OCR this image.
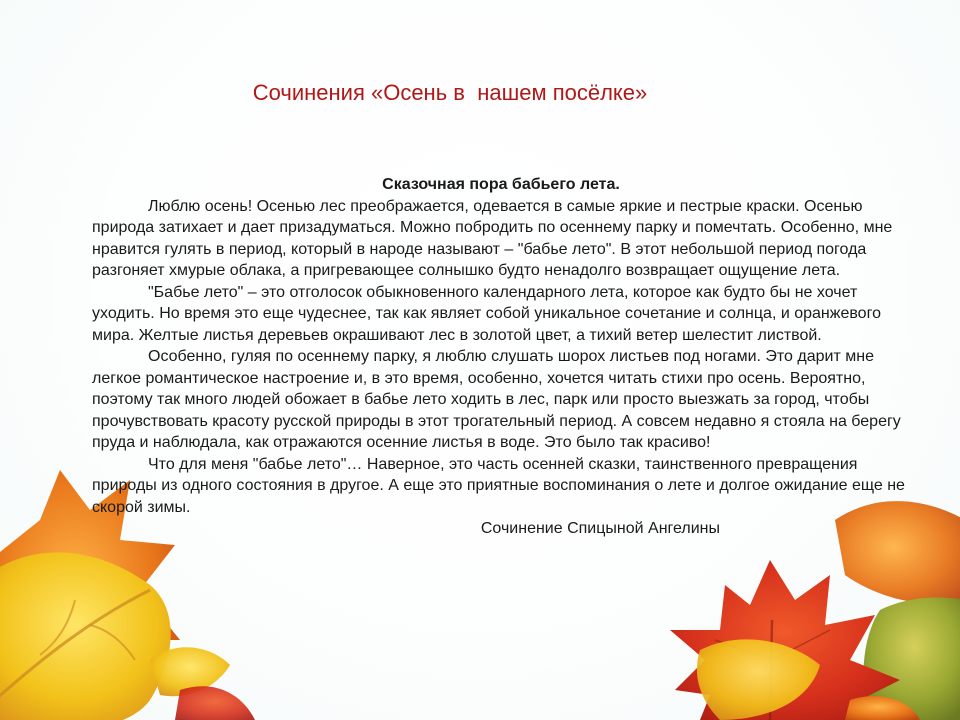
Сочинения «Осень в  нашем посёлке»
Сказочная пора бабьего лета.

Люблю осень! Осенью лес преображается, одевается в самые яркие и пестрые краски. Осенью природа затихает и дает призадуматься. Можно побродить по осеннему парку и помечтать. Особенно, мне нравится гулять в период, который в народе называют – "бабье лето". В этот небольшой период погода разгоняет хмурые облака, а пригревающее солнышко будто ненадолго возвращает ощущение лета.

"Бабье лето" – это отголосок обыкновенного календарного лета, которое как будто бы не хочет уходить. Но время это еще чудеснее, так как являет собой уникальное сочетание и солнца, и оранжевого мира. Желтые листья деревьев окрашивают лес в золотой цвет, а тихий ветер шелестит листвой.

Особенно, гуляя по осеннему парку, я люблю слушать шорох листьев под ногами. Это дарит мне легкое романтическое настроение и, в это время, особенно, хочется читать стихи про осень. Вероятно, поэтому так много людей обожает в бабье лето ходить в лес, парк или просто выезжать за город, чтобы прочувствовать красоту русской природы в этот трогательный период. А совсем недавно я стояла на берегу пруда и наблюдала, как отражаются осенние листья в воде. Это было так красиво!

Что для меня "бабье лето"… Наверное, это часть осенней сказки, таинственного превращения природы из одного состояния в другое. А еще это приятные воспоминания о лете и долгое ожидание еще не скорой зимы.

Сочинение Спицыной Ангелины
